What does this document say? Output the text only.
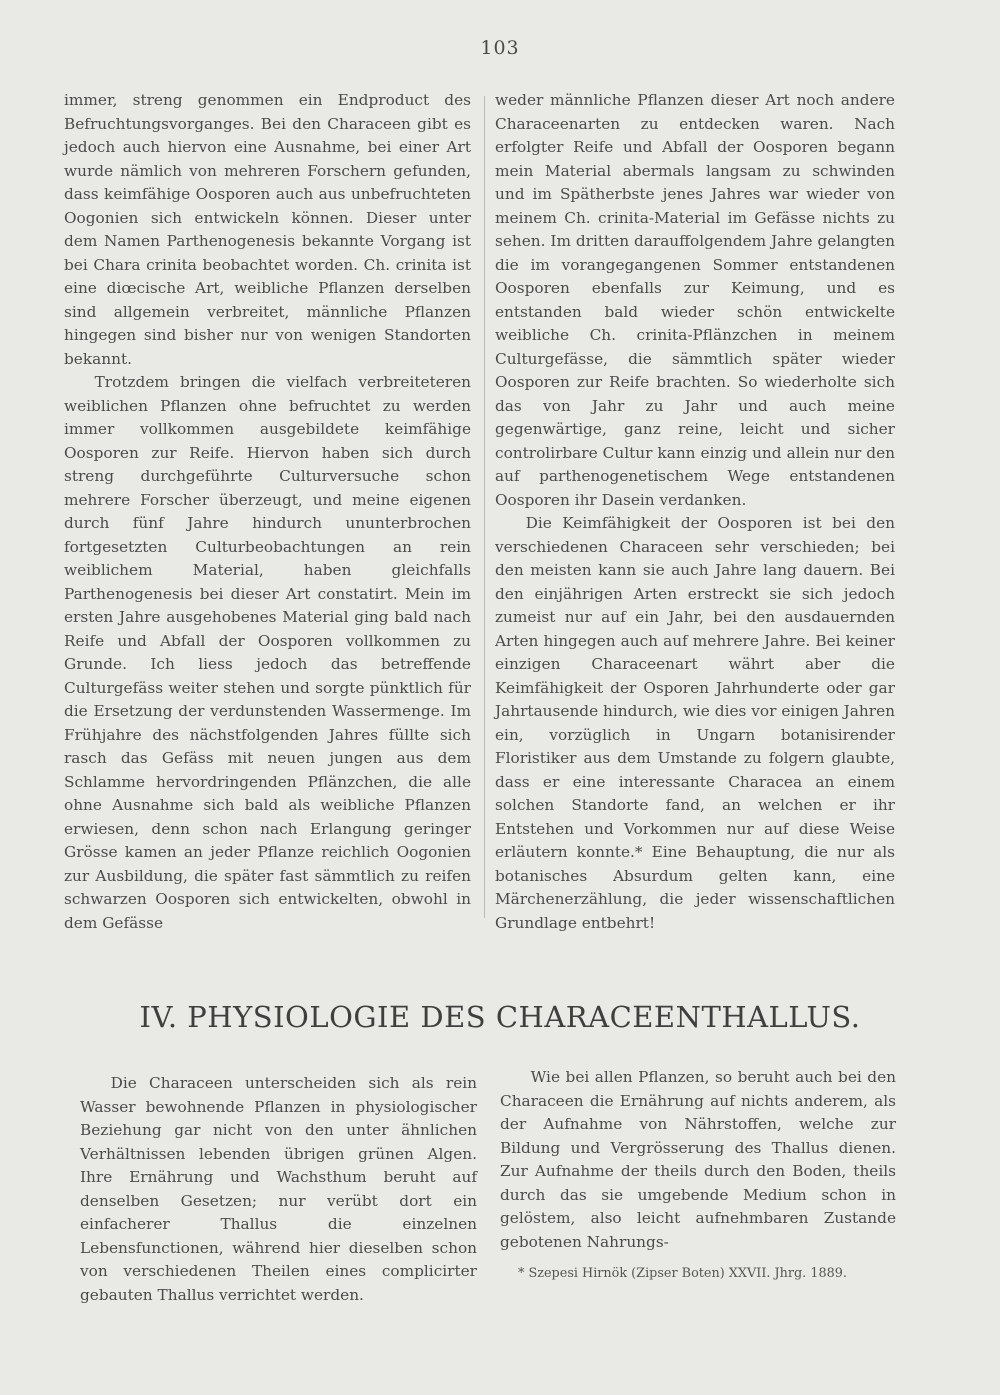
103

immer, streng genommen ein Endproduct des Befruchtungsvorganges. Bei den Characeen gibt es jedoch auch hiervon eine Ausnahme, bei einer Art wurde nämlich von mehreren Forschern gefunden, dass keimfähige Oosporen auch aus unbefruchteten Oogonien sich entwickeln können. Dieser unter dem Namen Parthenogenesis bekannte Vorgang ist bei Chara crinita beobachtet worden. Ch. crinita ist eine diœcische Art, weibliche Pflanzen derselben sind allgemein verbreitet, männliche Pflanzen hingegen sind bisher nur von wenigen Standorten bekannt.

Trotzdem bringen die vielfach verbreiteteren weiblichen Pflanzen ohne befruchtet zu werden immer vollkommen ausgebildete keimfähige Oosporen zur Reife. Hiervon haben sich durch streng durchgeführte Culturversuche schon mehrere Forscher überzeugt, und meine eigenen durch fünf Jahre hindurch ununterbrochen fortgesetzten Culturbeobachtungen an rein weiblichem Material, haben gleichfalls Parthenogenesis bei dieser Art constatirt. Mein im ersten Jahre ausgehobenes Material ging bald nach Reife und Abfall der Oosporen vollkommen zu Grunde. Ich liess jedoch das betreffende Culturgefäss weiter stehen und sorgte pünktlich für die Ersetzung der verdunstenden Wassermenge. Im Frühjahre des nächstfolgenden Jahres füllte sich rasch das Gefäss mit neuen jungen aus dem Schlamme hervordringenden Pflänzchen, die alle ohne Ausnahme sich bald als weibliche Pflanzen erwiesen, denn schon nach Erlangung geringer Grösse kamen an jeder Pflanze reichlich Oogonien zur Ausbildung, die später fast sämmtlich zu reifen schwarzen Oosporen sich entwickelten, obwohl in dem Gefässe

weder männliche Pflanzen dieser Art noch andere Characeenarten zu entdecken waren. Nach erfolgter Reife und Abfall der Oosporen begann mein Material abermals langsam zu schwinden und im Spätherbste jenes Jahres war wieder von meinem Ch. crinita-Material im Gefässe nichts zu sehen. Im dritten darauffolgendem Jahre gelangten die im vorangegangenen Sommer entstandenen Oosporen ebenfalls zur Keimung, und es entstanden bald wieder schön entwickelte weibliche Ch. crinita-Pflänzchen in meinem Culturgefässe, die sämmtlich später wieder Oosporen zur Reife brachten. So wiederholte sich das von Jahr zu Jahr und auch meine gegenwärtige, ganz reine, leicht und sicher controlirbare Cultur kann einzig und allein nur den auf parthenogenetischem Wege entstandenen Oosporen ihr Dasein verdanken.

Die Keimfähigkeit der Oosporen ist bei den verschiedenen Characeen sehr verschieden; bei den meisten kann sie auch Jahre lang dauern. Bei den einjährigen Arten erstreckt sie sich jedoch zumeist nur auf ein Jahr, bei den ausdauernden Arten hingegen auch auf mehrere Jahre. Bei keiner einzigen Characeenart währt aber die Keimfähigkeit der Osporen Jahrhunderte oder gar Jahrtausende hindurch, wie dies vor einigen Jahren ein, vorzüglich in Ungarn botanisirender Floristiker aus dem Umstande zu folgern glaubte, dass er eine interessante Characea an einem solchen Standorte fand, an welchen er ihr Entstehen und Vorkommen nur auf diese Weise erläutern konnte.* Eine Behauptung, die nur als botanisches Absurdum gelten kann, eine Märchenerzählung, die jeder wissenschaftlichen Grundlage entbehrt!

IV. PHYSIOLOGIE DES CHARACEENTHALLUS.

Die Characeen unterscheiden sich als rein Wasser bewohnende Pflanzen in physiologischer Beziehung gar nicht von den unter ähnlichen Verhältnissen lebenden übrigen grünen Algen. Ihre Ernährung und Wachsthum beruht auf denselben Gesetzen; nur verübt dort ein einfacherer Thallus die einzelnen Lebensfunctionen, während hier dieselben schon von verschiedenen Theilen eines complicirter gebauten Thallus verrichtet werden.

Wie bei allen Pflanzen, so beruht auch bei den Characeen die Ernährung auf nichts anderem, als der Aufnahme von Nährstoffen, welche zur Bildung und Vergrösserung des Thallus dienen. Zur Aufnahme der theils durch den Boden, theils durch das sie umgebende Medium schon in gelöstem, also leicht aufnehmbaren Zustande gebotenen Nahrungs-

* Szepesi Hirnök (Zipser Boten) XXVII. Jhrg. 1889.
